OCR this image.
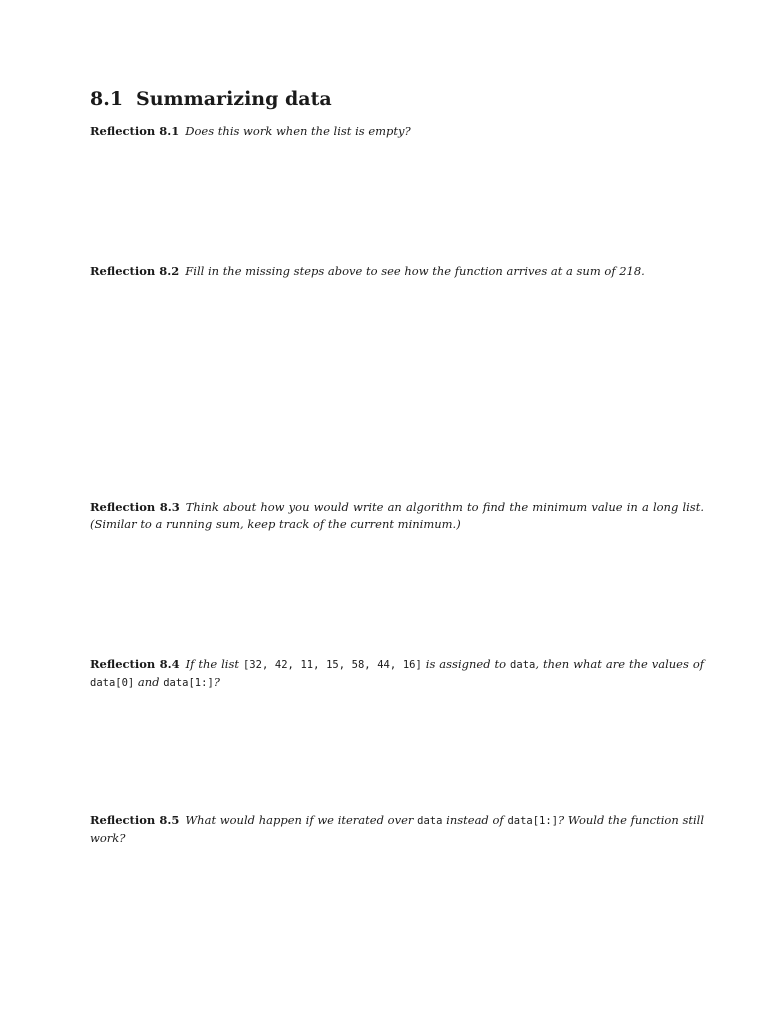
8.1 Summarizing data

Reflection 8.1 Does this work when the list is empty?

Reflection 8.2 Fill in the missing steps above to see how the function arrives at a sum of 218.

Reflection 8.3 Think about how you would write an algorithm to find the minimum value in a long list. (Similar to a running sum, keep track of the current minimum.)

Reflection 8.4 If the list [32, 42, 11, 15, 58, 44, 16] is assigned to data, then what are the values of data[0] and data[1:]?

Reflection 8.5 What would happen if we iterated over data instead of data[1:]? Would the function still work?
